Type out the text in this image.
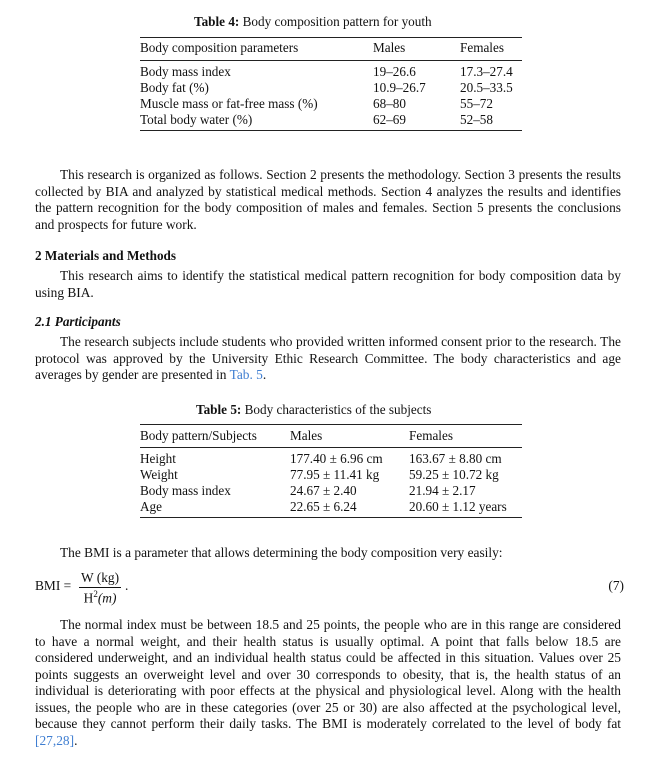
Table 4: Body composition pattern for youth
Body composition parameters	Males	Females
Body mass index	19–26.6	17.3–27.4
Body fat (%)	10.9–26.7	20.5–33.5
Muscle mass or fat-free mass (%)	68–80	55–72
Total body water (%)	62–69	52–58
This research is organized as follows. Section 2 presents the methodology. Section 3 presents the results collected by BIA and analyzed by statistical medical methods. Section 4 analyzes the results and identifies the pattern recognition for the body composition of males and females. Section 5 presents the conclusions and prospects for future work.
2 Materials and Methods
This research aims to identify the statistical medical pattern recognition for body composition data by using BIA.
2.1 Participants
The research subjects include students who provided written informed consent prior to the research. The protocol was approved by the University Ethic Research Committee. The body characteristics and age averages by gender are presented in Tab. 5.
Table 5: Body characteristics of the subjects
Body pattern/Subjects	Males	Females
Height	177.40 ± 6.96 cm 163.67 ± 8.80 cm
Weight	77.95 ± 11.41 kg 59.25 ± 10.72 kg
Body mass index	24.67 ± 2.40	21.94 ± 2.17
Age	22.65 ± 6.24	20.60 ± 1.12 years
The BMI is a parameter that allows determining the body composition very easily:
BMI = $\frac{W (kg)}{H^2(m)}$ .	(7)
The normal index must be between 18.5 and 25 points, the people who are in this range are considered to have a normal weight, and their health status is usually optimal. A point that falls below 18.5 are considered underweight, and an individual health status could be affected in this situation. Values over 25 points suggests an overweight level and over 30 corresponds to obesity, that is, the health status of an individual is deteriorating with poor effects at the physical and physiological level. Along with the health issues, the people who are in these categories (over 25 or 30) are also affected at the psychological level, because they cannot perform their daily tasks. The BMI is moderately correlated to the level of body fat [27,28].
